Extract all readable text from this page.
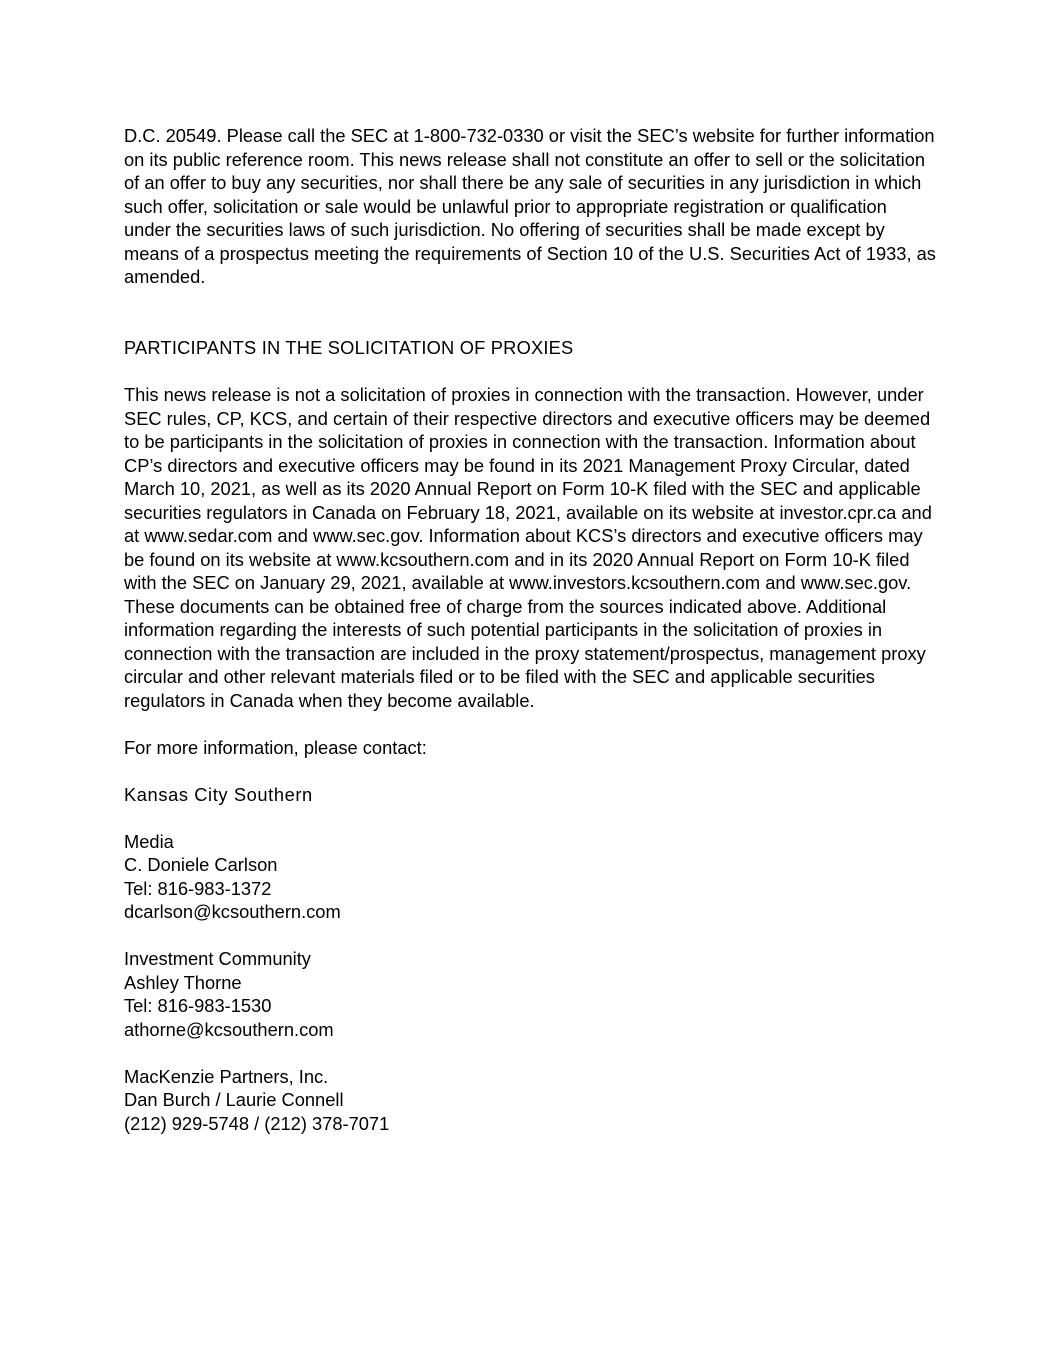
D.C. 20549. Please call the SEC at 1-800-732-0330 or visit the SEC’s website for further information on its public reference room. This news release shall not constitute an offer to sell or the solicitation of an offer to buy any securities, nor shall there be any sale of securities in any jurisdiction in which such offer, solicitation or sale would be unlawful prior to appropriate registration or qualification under the securities laws of such jurisdiction. No offering of securities shall be made except by means of a prospectus meeting the requirements of Section 10 of the U.S. Securities Act of 1933, as amended.

PARTICIPANTS IN THE SOLICITATION OF PROXIES

This news release is not a solicitation of proxies in connection with the transaction. However, under SEC rules, CP, KCS, and certain of their respective directors and executive officers may be deemed to be participants in the solicitation of proxies in connection with the transaction. Information about CP’s directors and executive officers may be found in its 2021 Management Proxy Circular, dated March 10, 2021, as well as its 2020 Annual Report on Form 10-K filed with the SEC and applicable securities regulators in Canada on February 18, 2021, available on its website at investor.cpr.ca and at www.sedar.com and www.sec.gov. Information about KCS’s directors and executive officers may be found on its website at www.kcsouthern.com and in its 2020 Annual Report on Form 10-K filed with the SEC on January 29, 2021, available at www.investors.kcsouthern.com and www.sec.gov. These documents can be obtained free of charge from the sources indicated above. Additional information regarding the interests of such potential participants in the solicitation of proxies in connection with the transaction are included in the proxy statement/prospectus, management proxy circular and other relevant materials filed or to be filed with the SEC and applicable securities regulators in Canada when they become available.

For more information, please contact:

Kansas City Southern

Media
C. Doniele Carlson
Tel: 816-983-1372
dcarlson@kcsouthern.com
Investment Community
Ashley Thorne
Tel: 816-983-1530
athorne@kcsouthern.com
MacKenzie Partners, Inc.
Dan Burch / Laurie Connell
(212) 929-5748 / (212) 378-7071
